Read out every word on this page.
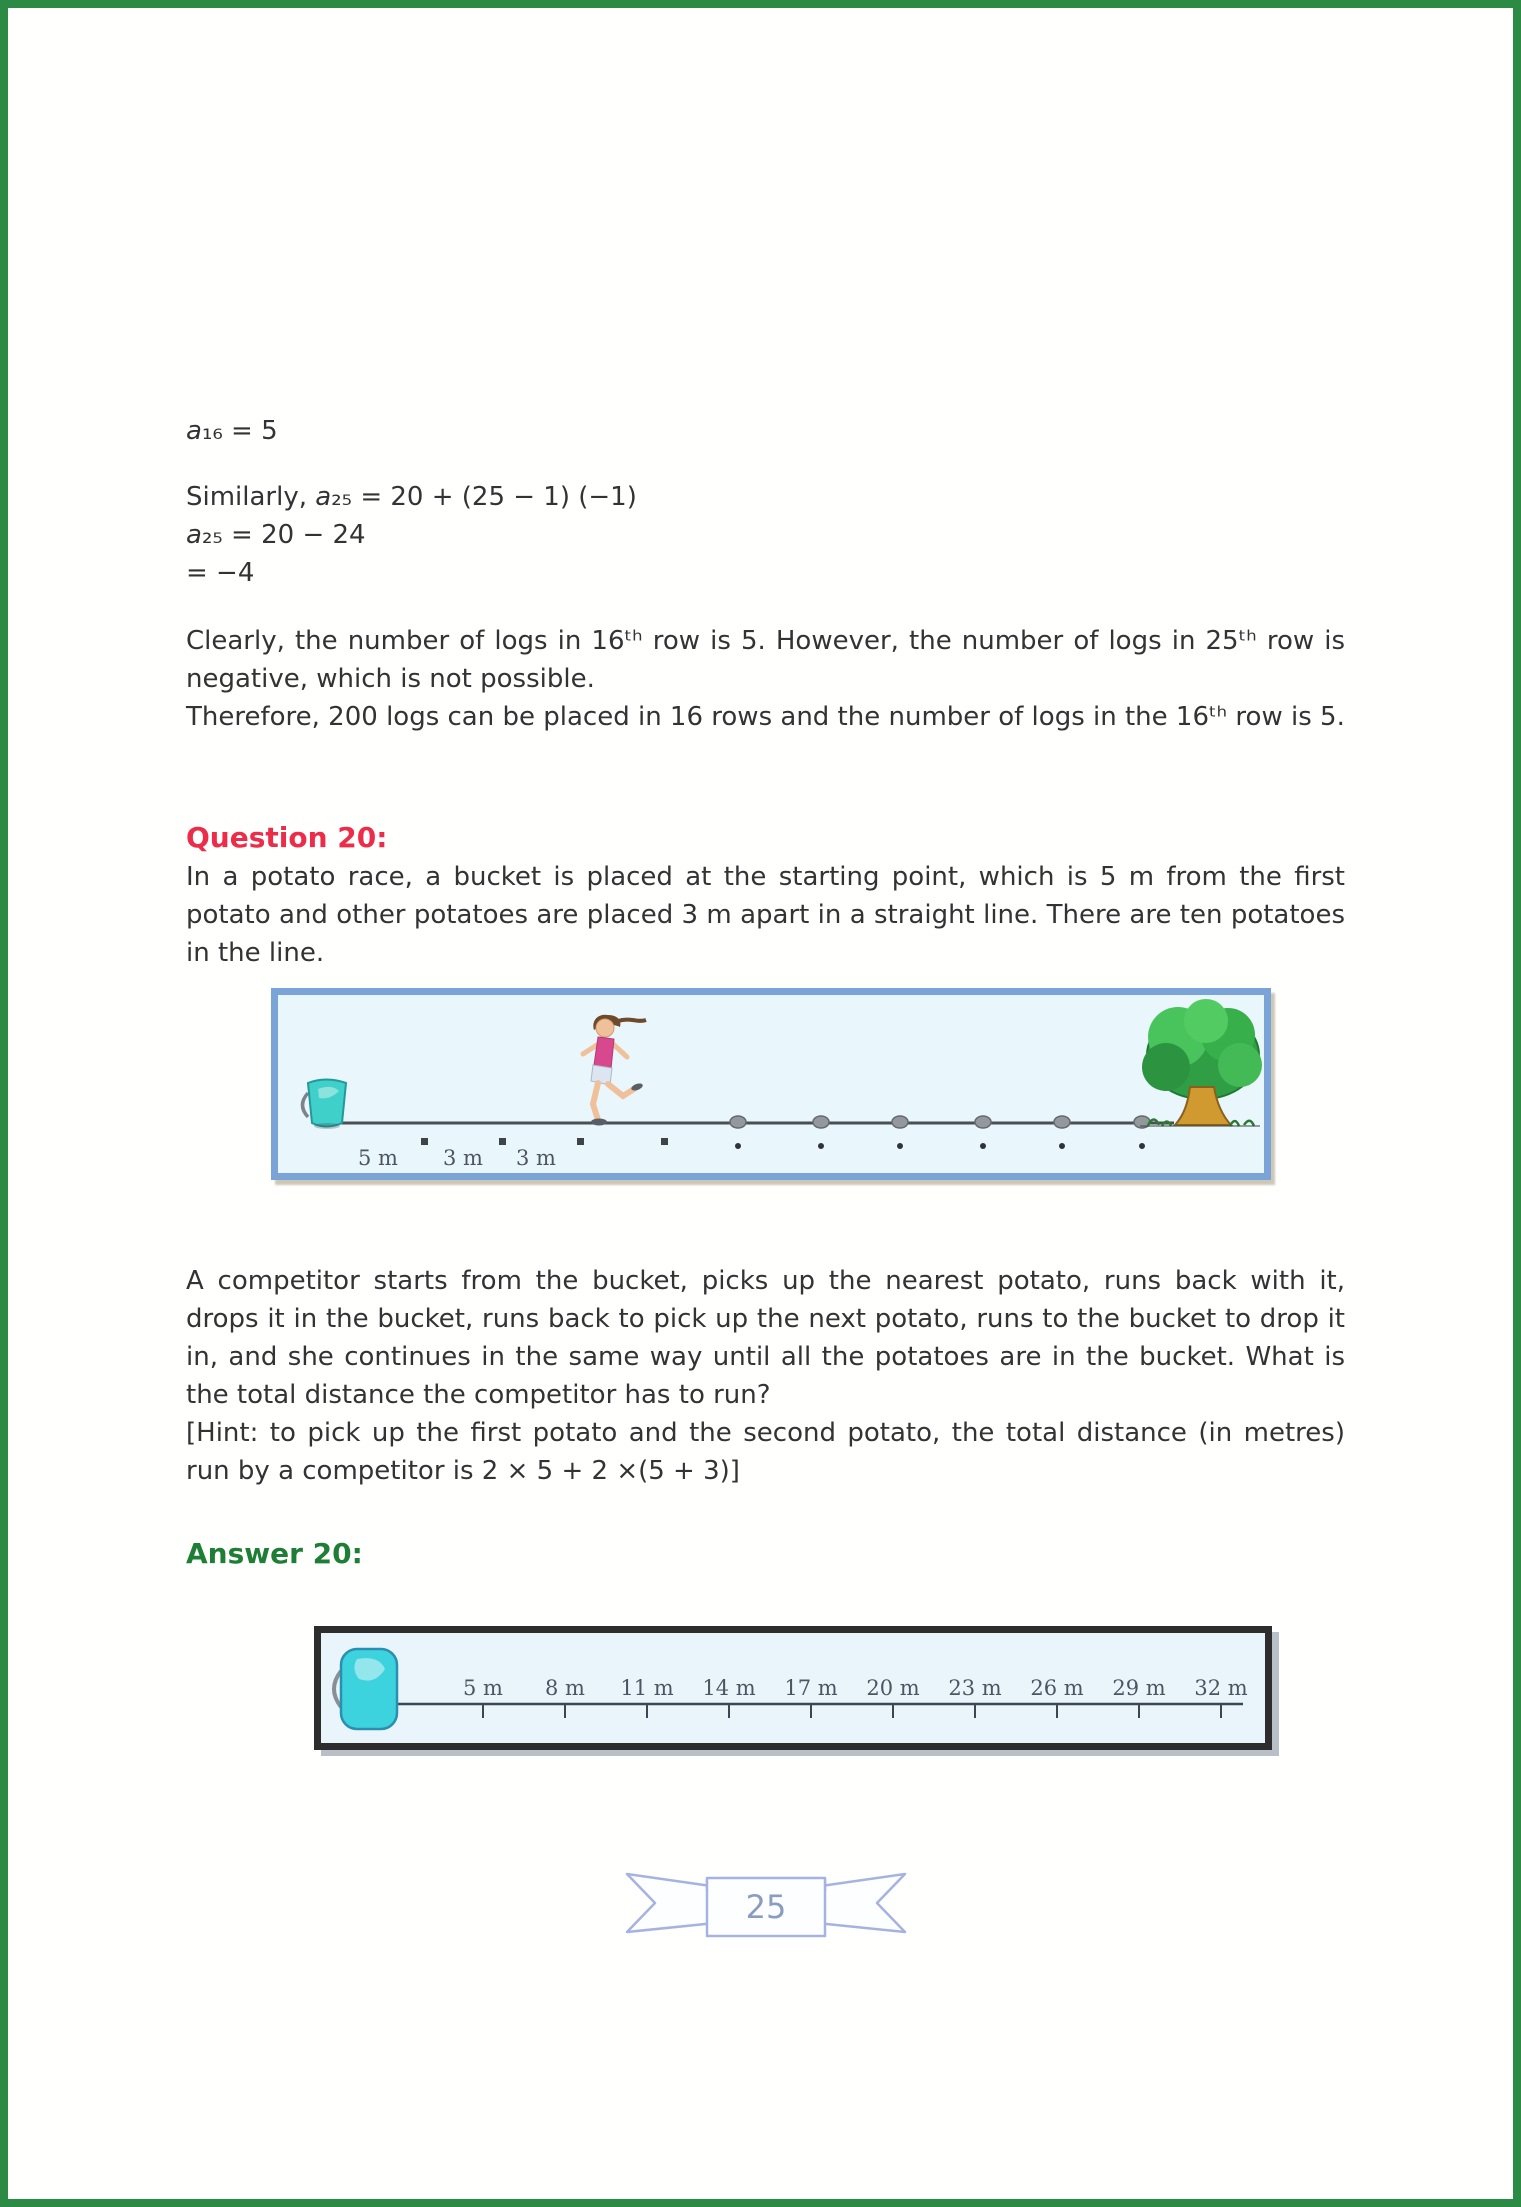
a₁₆ = 5
Similarly, a₂₅ = 20 + (25 − 1) (−1)
a₂₅ = 20 − 24
= −4

Clearly, the number of logs in 16ᵗʰ row is 5. However, the number of logs in 25ᵗʰ row is negative, which is not possible.

Therefore, 200 logs can be placed in 16 rows and the number of logs in the 16ᵗʰ row is 5.

Question 20:

In a potato race, a bucket is placed at the starting point, which is 5 m from the first potato and other potatoes are placed 3 m apart in a straight line. There are ten potatoes in the line.

5 m 3 m 3 m

A competitor starts from the bucket, picks up the nearest potato, runs back with it, drops it in the bucket, runs back to pick up the next potato, runs to the bucket to drop it in, and she continues in the same way until all the potatoes are in the bucket. What is the total distance the competitor has to run?

[Hint: to pick up the first potato and the second potato, the total distance (in metres) run by a competitor is 2 × 5 + 2 ×(5 + 3)]

Answer 20:
5 m 8 m 11 m 14 m 17 m 20 m 23 m 26 m 29 m 32 m
25
